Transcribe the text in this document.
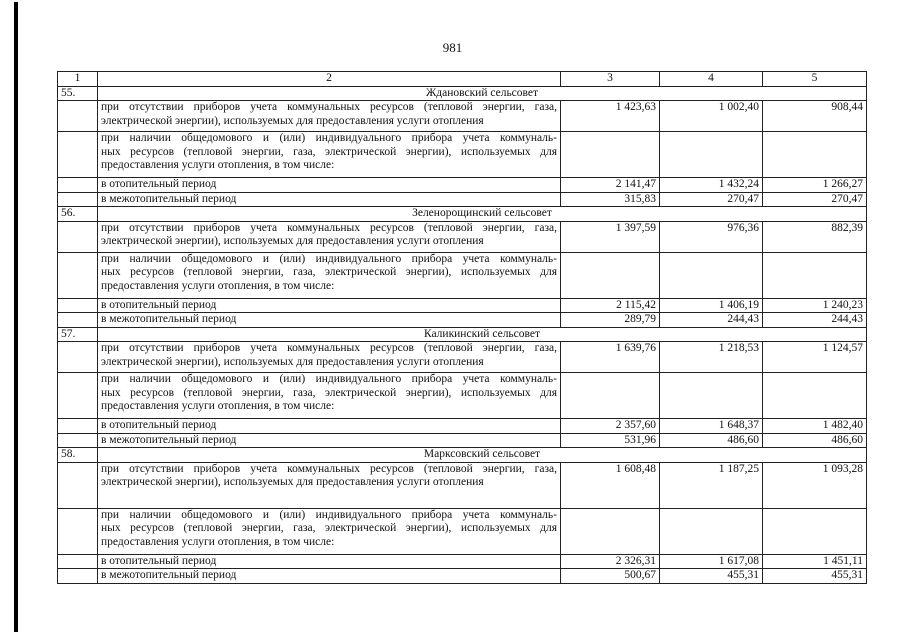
981
1	2	3	4	5
55.	Ждановский сельсовет			

	при отсутствии приборов учета коммунальных ресурсов (тепловой энергии, газа,
электрической энергии), используемых для предоставления услуги отопления	1 423,63	1 002,40	908,44

	при наличии общедомового и (или) индивидуального прибора учета коммуналь-
ных ресурсов (тепловой энергии, газа, электрической энергии), используемых для
предоставления услуги отопления, в том числе:			

	в отопительный период	2 141,47	1 432,24	1 266,27

	в межотопительный период	315,83	270,47	270,47
56.	Зеленорощинский сельсовет			

	при отсутствии приборов учета коммунальных ресурсов (тепловой энергии, газа,
электрической энергии), используемых для предоставления услуги отопления	1 397,59	976,36	882,39

	при наличии общедомового и (или) индивидуального прибора учета коммуналь-
ных ресурсов (тепловой энергии, газа, электрической энергии), используемых для
предоставления услуги отопления, в том числе:			

	в отопительный период	2 115,42	1 406,19	1 240,23

	в межотопительный период	289,79	244,43	244,43
57.	Каликинский сельсовет			

	при отсутствии приборов учета коммунальных ресурсов (тепловой энергии, газа,
электрической энергии), используемых для предоставления услуги отопления	1 639,76	1 218,53	1 124,57

	при наличии общедомового и (или) индивидуального прибора учета коммуналь-
ных ресурсов (тепловой энергии, газа, электрической энергии), используемых для
предоставления услуги отопления, в том числе:			

	в отопительный период	2 357,60	1 648,37	1 482,40

	в межотопительный период	531,96	486,60	486,60
58.	Марксовский сельсовет			

	при отсутствии приборов учета коммунальных ресурсов (тепловой энергии, газа,
электрической энергии), используемых для предоставления услуги отопления	1 608,48	1 187,25	1 093,28

	при наличии общедомового и (или) индивидуального прибора учета коммуналь-
ных ресурсов (тепловой энергии, газа, электрической энергии), используемых для
предоставления услуги отопления, в том числе:			

	в отопительный период	2 326,31	1 617,08	1 451,11

	в межотопительный период	500,67	455,31	455,31
